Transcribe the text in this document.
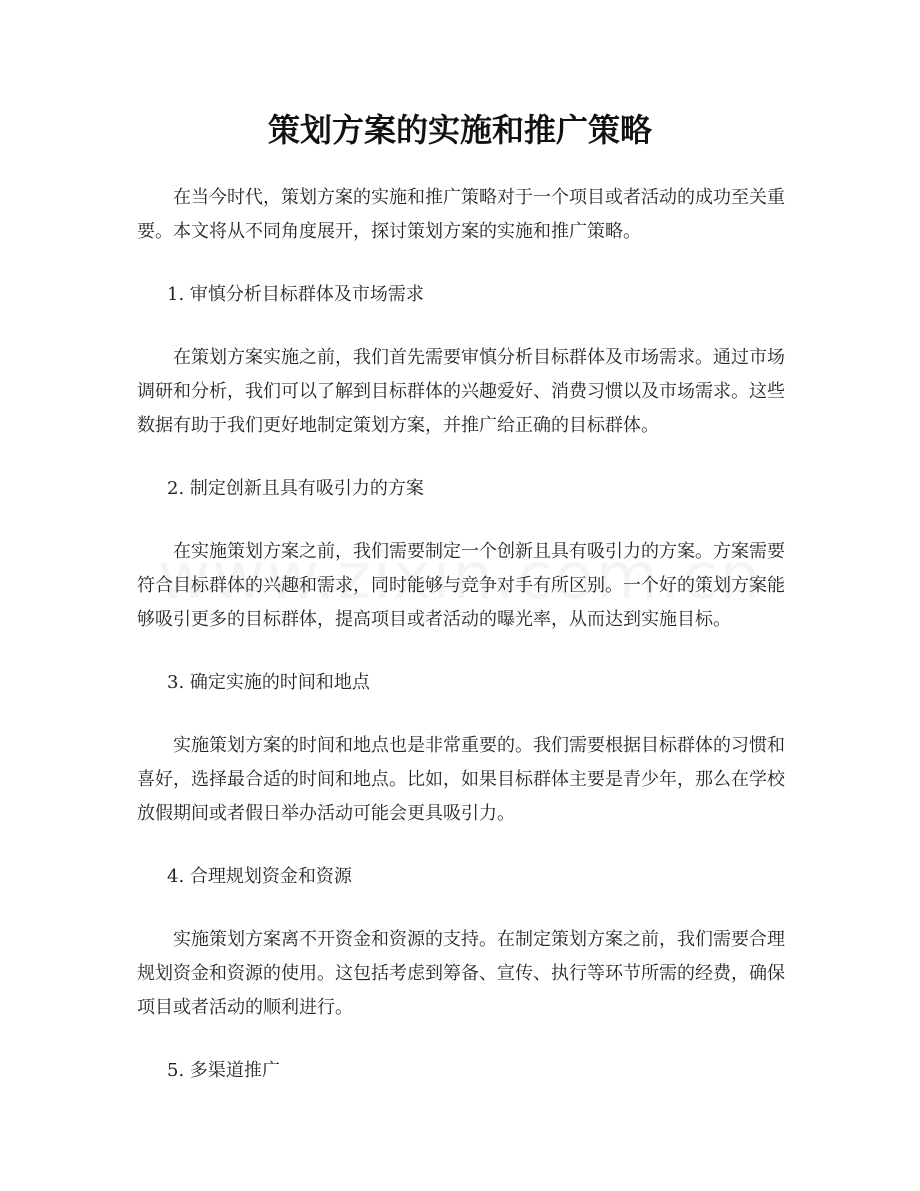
策划方案的实施和推广策略

在当今时代，策划方案的实施和推广策略对于一个项目或者活动的成功至关重要。本文将从不同角度展开，探讨策划方案的实施和推广策略。

1. 审慎分析目标群体及市场需求

在策划方案实施之前，我们首先需要审慎分析目标群体及市场需求。通过市场调研和分析，我们可以了解到目标群体的兴趣爱好、消费习惯以及市场需求。这些数据有助于我们更好地制定策划方案，并推广给正确的目标群体。

2. 制定创新且具有吸引力的方案

在实施策划方案之前，我们需要制定一个创新且具有吸引力的方案。方案需要符合目标群体的兴趣和需求，同时能够与竞争对手有所区别。一个好的策划方案能够吸引更多的目标群体，提高项目或者活动的曝光率，从而达到实施目标。

3. 确定实施的时间和地点

实施策划方案的时间和地点也是非常重要的。我们需要根据目标群体的习惯和喜好，选择最合适的时间和地点。比如，如果目标群体主要是青少年，那么在学校放假期间或者假日举办活动可能会更具吸引力。

4. 合理规划资金和资源

实施策划方案离不开资金和资源的支持。在制定策划方案之前，我们需要合理规划资金和资源的使用。这包括考虑到筹备、宣传、执行等环节所需的经费，确保项目或者活动的顺利进行。

5. 多渠道推广
